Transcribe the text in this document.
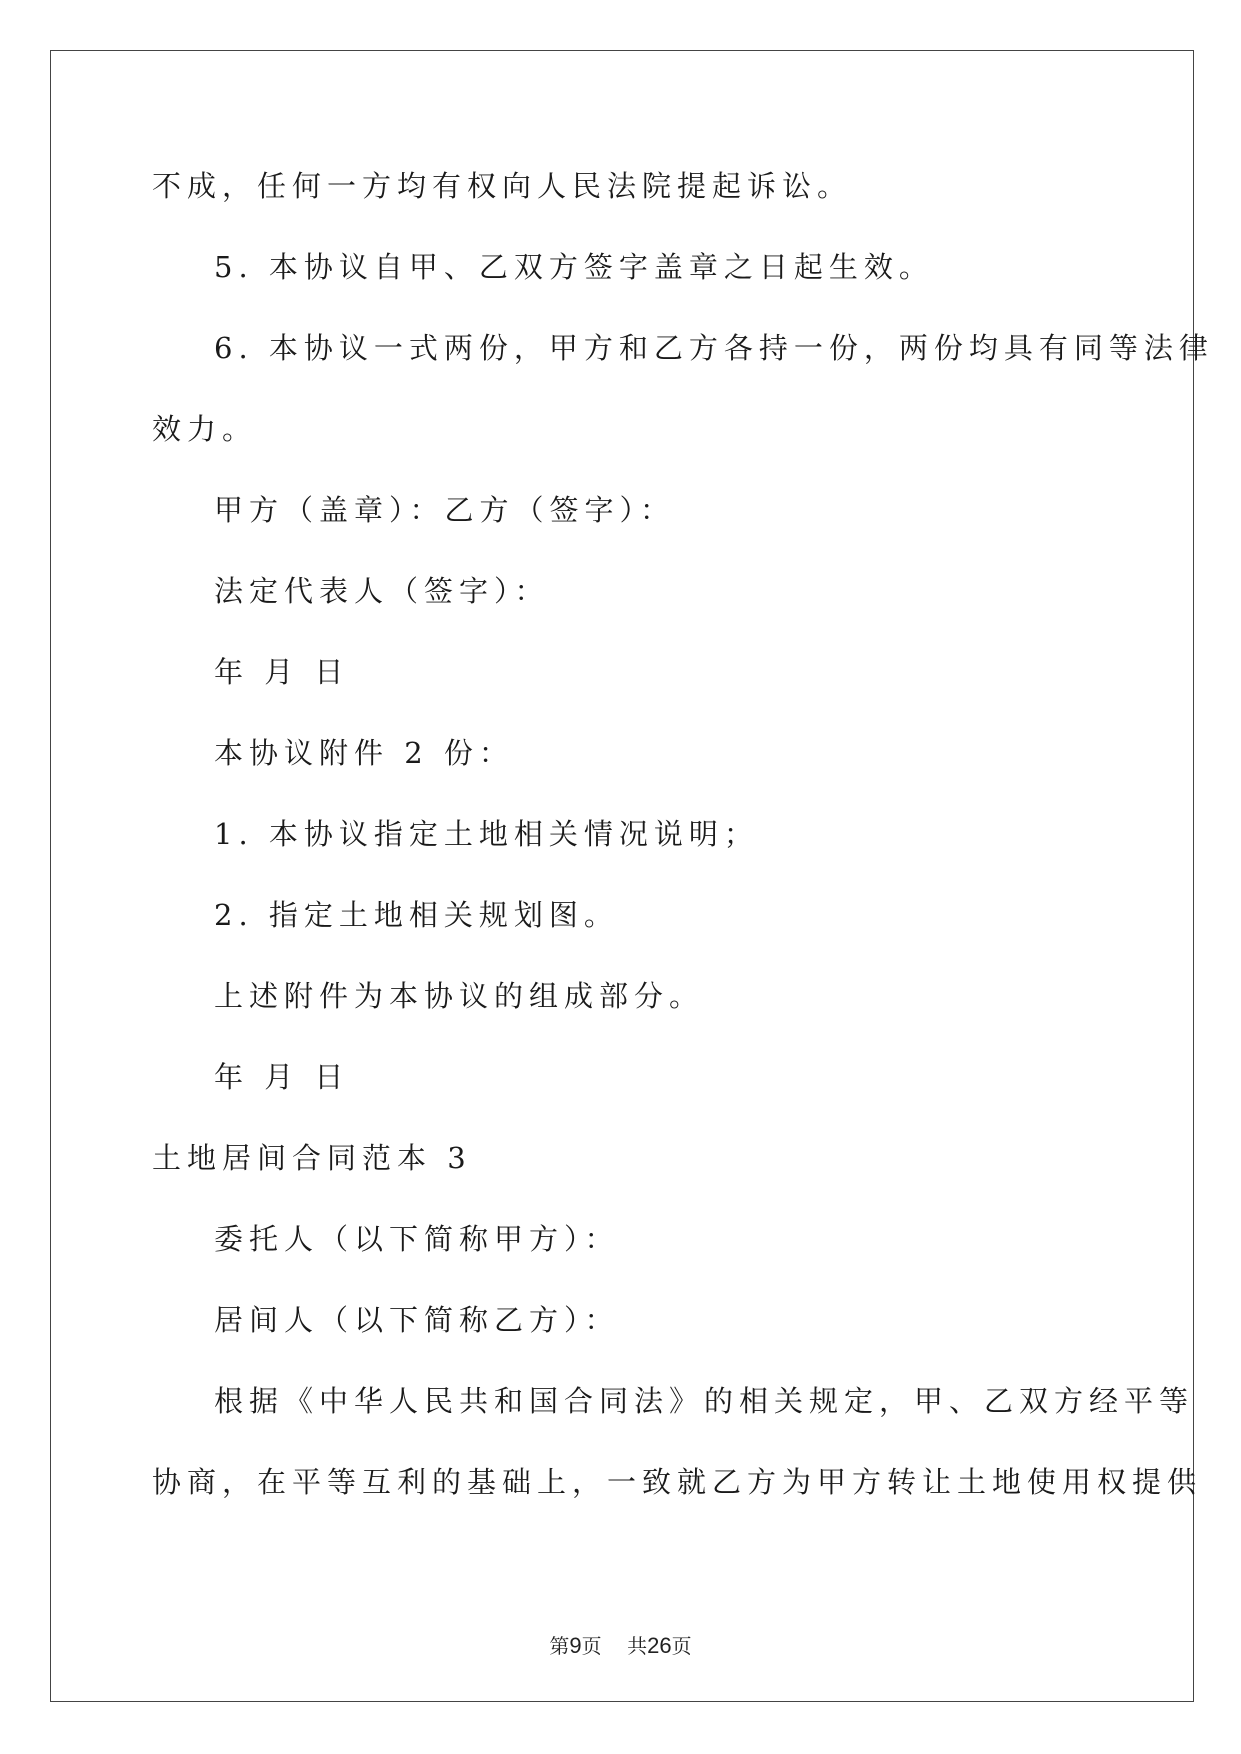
不成，任何一方均有权向人民法院提起诉讼。
5. 本协议自甲、乙双方签字盖章之日起生效。
6. 本协议一式两份，甲方和乙方各持一份，两份均具有同等法律
效力。
甲方（盖章）：乙方（签字）：
法定代表人（签字）：
年 月 日
本协议附件 2 份：
1. 本协议指定土地相关情况说明；
2. 指定土地相关规划图。
上述附件为本协议的组成部分。
年 月 日
土地居间合同范本 3
委托人（以下简称甲方）：
居间人（以下简称乙方）：
根据《中华人民共和国合同法》的相关规定，甲、乙双方经平等
协商，在平等互利的基础上，一致就乙方为甲方转让土地使用权提供
第9页 共26页
